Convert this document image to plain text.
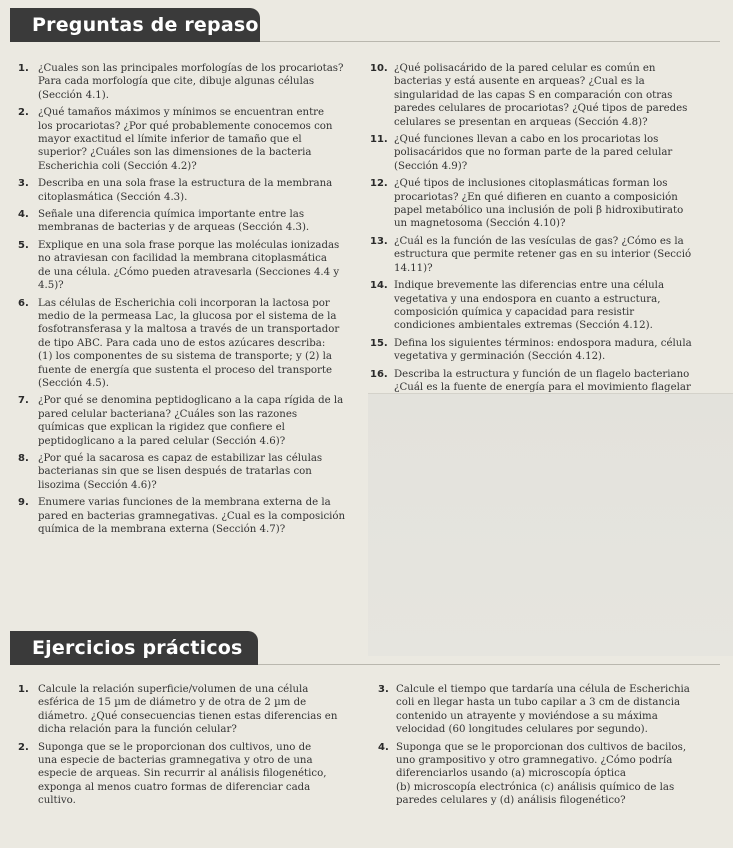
Preguntas de repaso
1. ¿Cuales son las principales morfologías de los procariotas?
Para cada morfología que cite, dibuje algunas células
(Sección 4.1).
2. ¿Qué tamaños máximos y mínimos se encuentran entre
los procariotas? ¿Por qué probablemente conocemos con
mayor exactitud el límite inferior de tamaño que el
superior? ¿Cuáles son las dimensiones de la bacteria
Escherichia coli (Sección 4.2)?
3. Describa en una sola frase la estructura de la membrana
citoplasmática (Sección 4.3).
4. Señale una diferencia química importante entre las
membranas de bacterias y de arqueas (Sección 4.3).
5. Explique en una sola frase porque las moléculas ionizadas
no atraviesan con facilidad la membrana citoplasmática
de una célula. ¿Cómo pueden atravesarla (Secciones 4.4 y
4.5)?
6. Las células de Escherichia coli incorporan la lactosa por
medio de la permeasa Lac, la glucosa por el sistema de la
fosfotransferasa y la maltosa a través de un transportador
de tipo ABC. Para cada uno de estos azúcares describa:
(1) los componentes de su sistema de transporte; y (2) la
fuente de energía que sustenta el proceso del transporte
(Sección 4.5).
7. ¿Por qué se denomina peptidoglicano a la capa rígida de la
pared celular bacteriana? ¿Cuáles son las razones
químicas que explican la rigidez que confiere el
peptidoglicano a la pared celular (Sección 4.6)?
8. ¿Por qué la sacarosa es capaz de estabilizar las células
bacterianas sin que se lisen después de tratarlas con
lisozima (Sección 4.6)?
9. Enumere varias funciones de la membrana externa de la
pared en bacterias gramnegativas. ¿Cual es la composición
química de la membrana externa (Sección 4.7)?
10. ¿Qué polisacárido de la pared celular es común en
bacterias y está ausente en arqueas? ¿Cual es la
singularidad de las capas S en comparación con otras
paredes celulares de procariotas? ¿Qué tipos de paredes
celulares se presentan en arqueas (Sección 4.8)?
11. ¿Qué funciones llevan a cabo en los procariotas los
polisacáridos que no forman parte de la pared celular
(Sección 4.9)?
12. ¿Qué tipos de inclusiones citoplasmáticas forman los
procariotas? ¿En qué difieren en cuanto a composición
papel metabólico una inclusión de poli β hidroxibutirato
un magnetosoma (Sección 4.10)?
13. ¿Cuál es la función de las vesículas de gas? ¿Cómo es la
estructura que permite retener gas en su interior (Secció
14.11)?
14. Indique brevemente las diferencias entre una célula
vegetativa y una endospora en cuanto a estructura,
composición química y capacidad para resistir
condiciones ambientales extremas (Sección 4.12).
15. Defina los siguientes términos: endospora madura, célula
vegetativa y germinación (Sección 4.12).
16. Describa la estructura y función de un flagelo bacteriano
¿Cuál es la fuente de energía para el movimiento flagelar
Ejercicios prácticos
1. Calcule la relación superficie/volumen de una célula
esférica de 15 µm de diámetro y de otra de 2 µm de
diámetro. ¿Qué consecuencias tienen estas diferencias en
dicha relación para la función celular?
2. Suponga que se le proporcionan dos cultivos, uno de
una especie de bacterias gramnegativa y otro de una
especie de arqueas. Sin recurrir al análisis filogenético,
exponga al menos cuatro formas de diferenciar cada
cultivo.
3. Calcule el tiempo que tardaría una célula de Escherichia
coli en llegar hasta un tubo capilar a 3 cm de distancia
contenido un atrayente y moviéndose a su máxima
velocidad (60 longitudes celulares por segundo).
4. Suponga que se le proporcionan dos cultivos de bacilos,
uno grampositivo y otro gramnegativo. ¿Cómo podría
diferenciarlos usando (a) microscopía óptica
(b) microscopía electrónica (c) análisis químico de las
paredes celulares y (d) análisis filogenético?
